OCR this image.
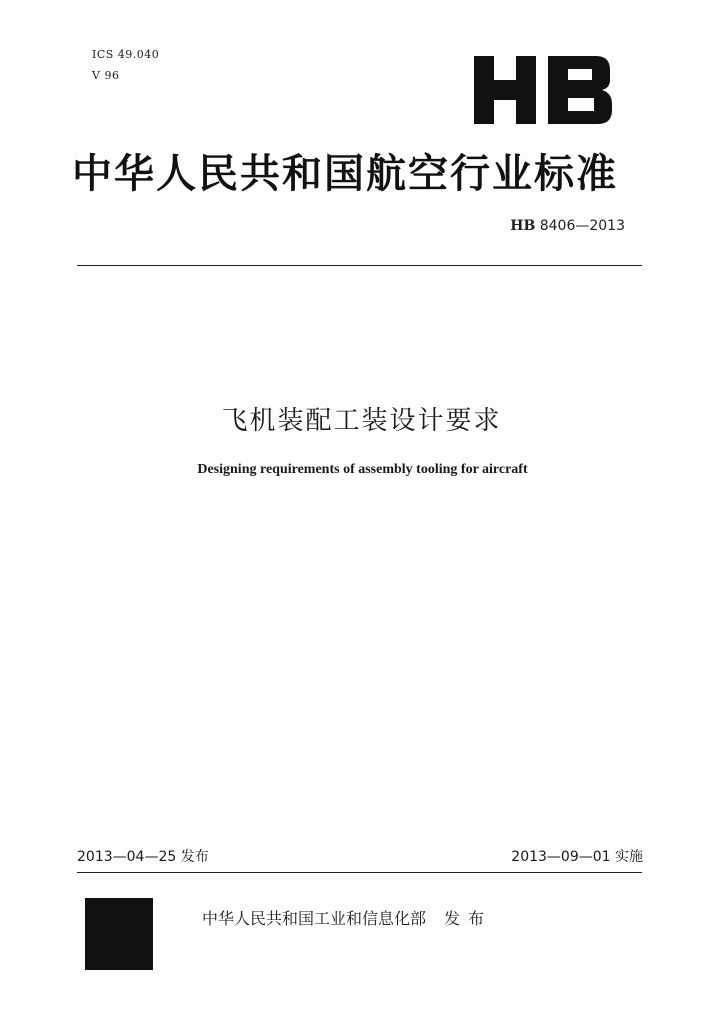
ICS 49.040
V 96
中华人民共和国航空行业标准
HB 8406—2013
飞机装配工装设计要求
Designing requirements of assembly tooling for aircraft
2013—04—25 发布	2013—09—01 实施
中华人民共和国工业和信息化部 发布
